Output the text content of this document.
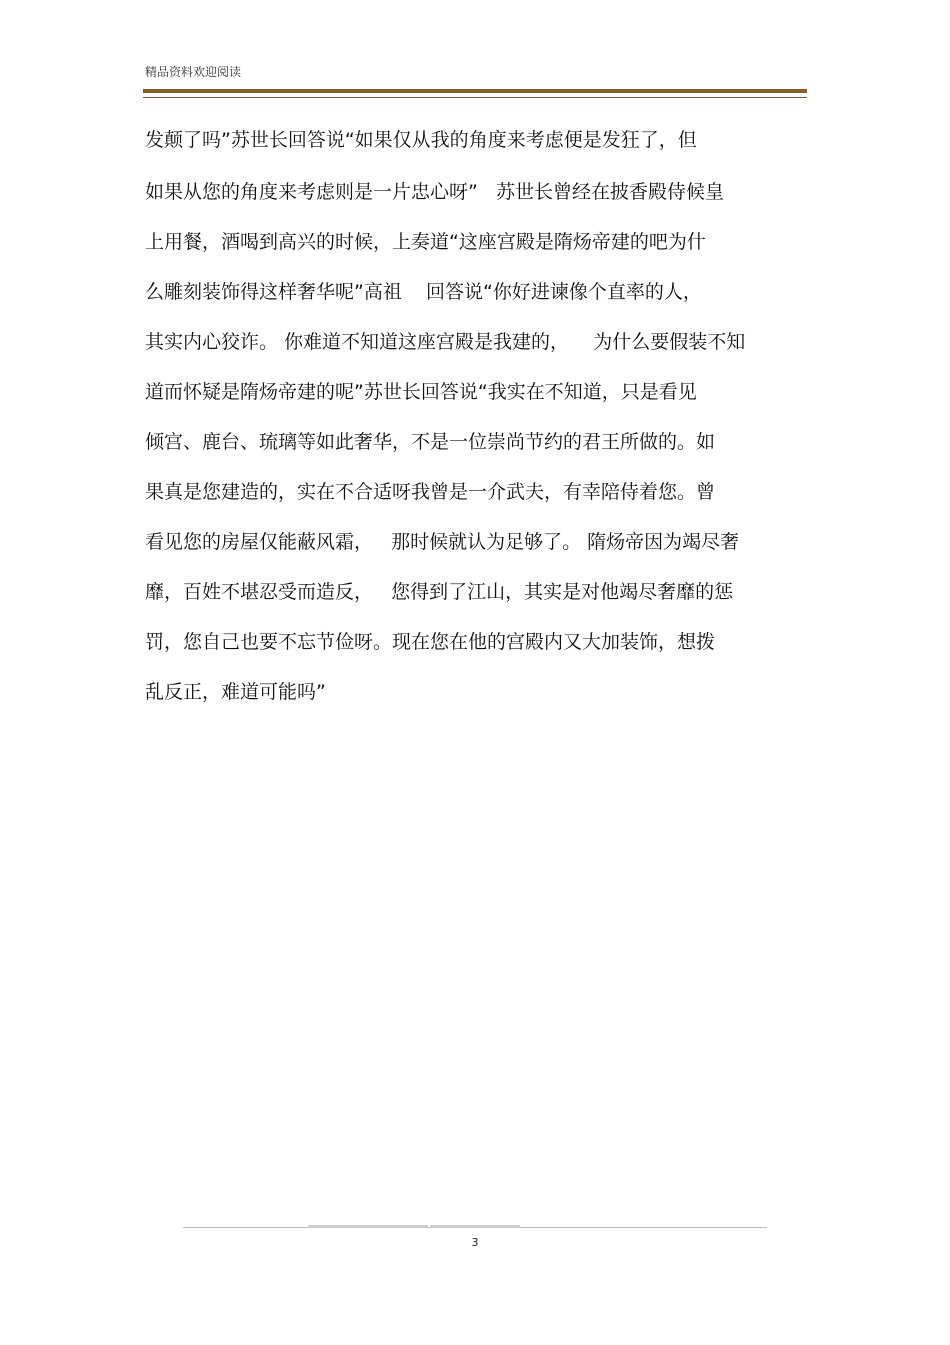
精品资料欢迎阅读
发颠了吗”苏世长回答说“如果仅从我的角度来考虑便是发狂了，但
如果从您的角度来考虑则是一片忠心呀”   苏世长曾经在披香殿侍候皇
上用餐，酒喝到高兴的时候，上奏道“这座宫殿是隋炀帝建的吧为什
么雕刻装饰得这样奢华呢”高祖    回答说“你好进谏像个直率的人，
其实内心狡诈。 你难道不知道这座宫殿是我建的，    为什么要假装不知
道而怀疑是隋炀帝建的呢”苏世长回答说“我实在不知道，只是看见
倾宫、鹿台、琉璃等如此奢华，不是一位崇尚节约的君王所做的。如
果真是您建造的，实在不合适呀我曾是一介武夫，有幸陪侍着您。曾
看见您的房屋仅能蔽风霜，   那时候就认为足够了。 隋炀帝因为竭尽奢
靡，百姓不堪忍受而造反，   您得到了江山，其实是对他竭尽奢靡的惩
罚，您自己也要不忘节俭呀。现在您在他的宫殿内又大加装饰，想拨
乱反正，难道可能吗”
3
